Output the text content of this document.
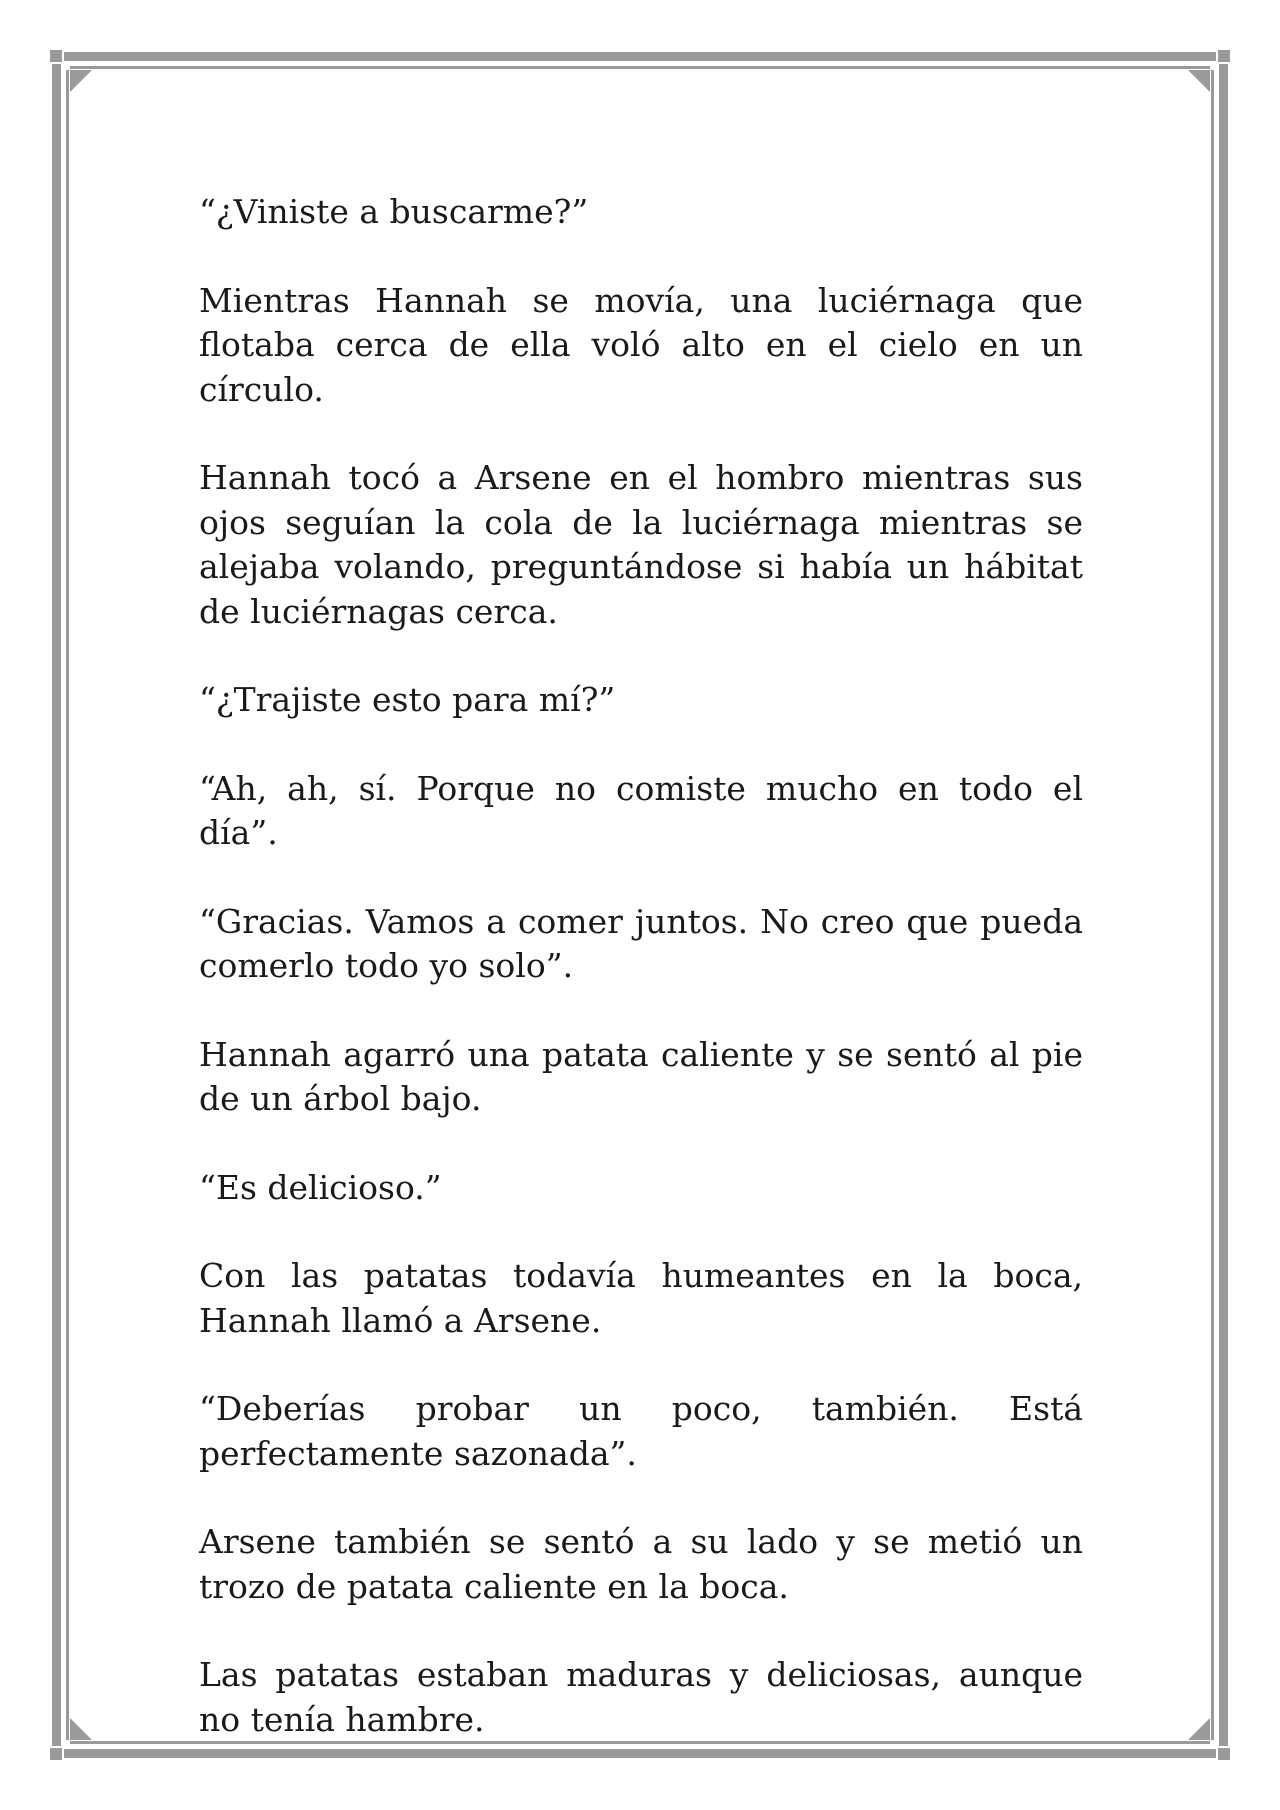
“¿Viniste a buscarme?”

Mientras Hannah se movía, una luciérnaga que flotaba cerca de ella voló alto en el cielo en un círculo.

Hannah tocó a Arsene en el hombro mientras sus ojos seguían la cola de la luciérnaga mientras se alejaba volando, preguntándose si había un hábitat de luciérnagas cerca.

“¿Trajiste esto para mí?”

“Ah, ah, sí. Porque no comiste mucho en todo el día”.

“Gracias. Vamos a comer juntos. No creo que pueda comerlo todo yo solo”.

Hannah agarró una patata caliente y se sentó al pie de un árbol bajo.

“Es delicioso.”

Con las patatas todavía humeantes en la boca, Hannah llamó a Arsene.

“Deberías probar un poco, también. Está perfectamente sazonada”.

Arsene también se sentó a su lado y se metió un trozo de patata caliente en la boca.

Las patatas estaban maduras y deliciosas, aunque no tenía hambre.
